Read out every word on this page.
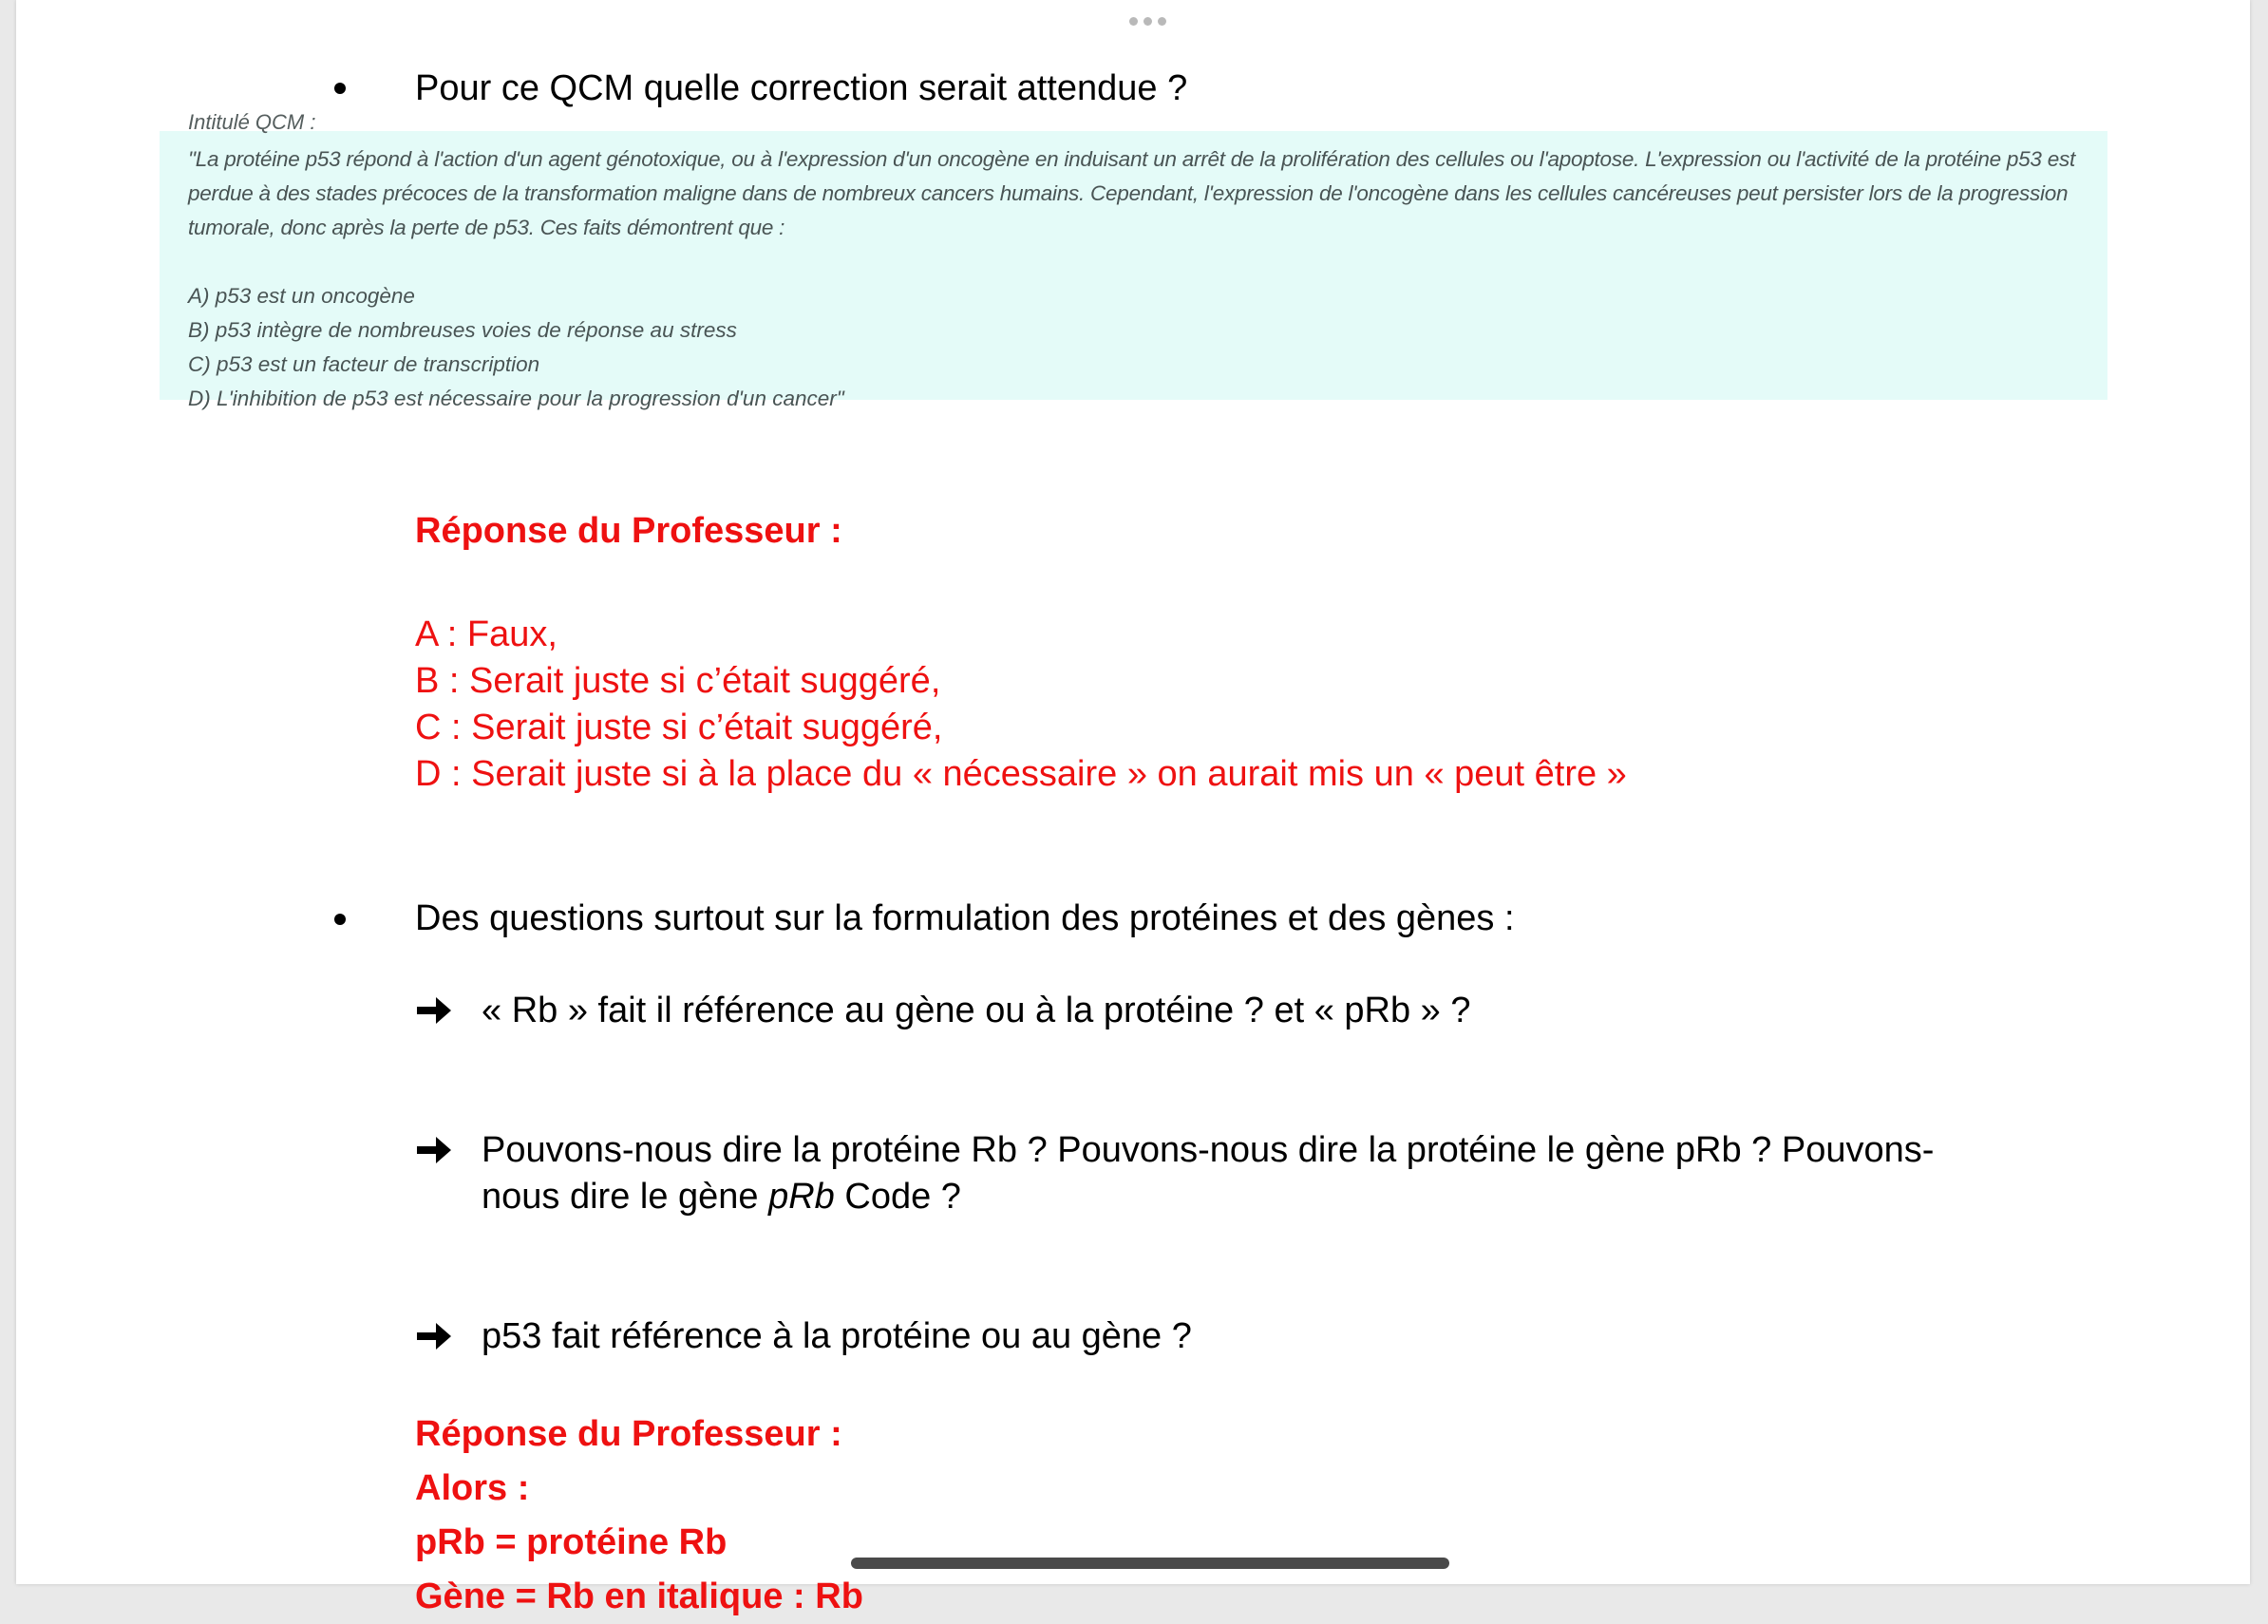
Pour ce QCM quelle correction serait attendue ?
Intitulé QCM :
"La protéine p53 répond à l'action d'un agent génotoxique, ou à l'expression d'un oncogène en induisant un arrêt de la prolifération des cellules ou l'apoptose. L'expression ou l'activité de la protéine p53 est perdue à des stades précoces de la transformation maligne dans de nombreux cancers humains. Cependant, l'expression de l'oncogène dans les cellules cancéreuses peut persister lors de la progression tumorale, donc après la perte de p53. Ces faits démontrent que :
A) p53 est un oncogène
B) p53 intègre de nombreuses voies de réponse au stress
C) p53 est un facteur de transcription
D) L'inhibition de p53 est nécessaire pour la progression d'un cancer"
Réponse du Professeur :
A : Faux,
B : Serait juste si c’était suggéré,
C : Serait juste si c’était suggéré,
D : Serait juste si à la place du « nécessaire » on aurait mis un « peut être »
Des questions surtout sur la formulation des protéines et des gènes :
« Rb » fait il référence au gène ou à la protéine ? et « pRb » ?
Pouvons-nous dire la protéine Rb ? Pouvons-nous dire la protéine le gène pRb ? Pouvons-
nous dire le gène pRb Code ?
p53 fait référence à la protéine ou au gène ?
Réponse du Professeur :
Alors :
pRb = protéine Rb
Gène = Rb en italique : Rb
